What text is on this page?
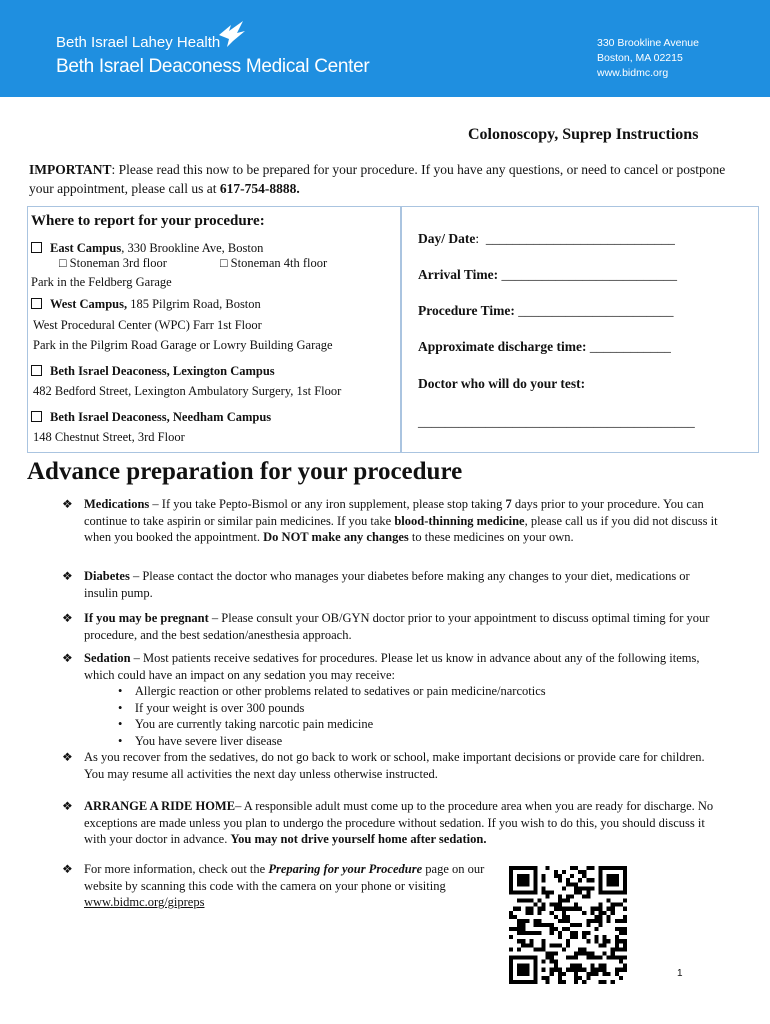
Beth Israel Lahey Health
Beth Israel Deaconess Medical Center
330 Brookline Avenue
Boston, MA 02215
www.bidmc.org
Colonoscopy, Suprep Instructions
IMPORTANT: Please read this now to be prepared for your procedure. If you have any questions, or need to cancel or postpone your appointment, please call us at 617-754-8888.
Where to report for your procedure:
East Campus, 330 Brookline Ave, Boston
□ Stoneman 3rd floor	□ Stoneman 4th floor
Park in the Feldberg Garage
West Campus, 185 Pilgrim Road, Boston
West Procedural Center (WPC) Farr 1st Floor
Park in the Pilgrim Road Garage or Lowry Building Garage
Beth Israel Deaconess, Lexington Campus
482 Bedford Street, Lexington Ambulatory Surgery, 1st Floor
Beth Israel Deaconess, Needham Campus
148 Chestnut Street, 3rd Floor
Day/ Date: ____________________________
Arrival Time: __________________________
Procedure Time: _______________________
Approximate discharge time: ____________
Doctor who will do your test:
_________________________________________
Advance preparation for your procedure
❖ Medications – If you take Pepto-Bismol or any iron supplement, please stop taking 7 days prior to your procedure. You can continue to take aspirin or similar pain medicines. If you take blood-thinning medicine, please call us if you did not discuss it when you booked the appointment. Do NOT make any changes to these medicines on your own.
❖ Diabetes – Please contact the doctor who manages your diabetes before making any changes to your diet, medications or insulin pump.
❖ If you may be pregnant – Please consult your OB/GYN doctor prior to your appointment to discuss optimal timing for your procedure, and the best sedation/anesthesia approach.
❖ Sedation – Most patients receive sedatives for procedures. Please let us know in advance about any of the following items, which could have an impact on any sedation you may receive:
•    Allergic reaction or other problems related to sedatives or pain medicine/narcotics
•    If your weight is over 300 pounds
•    You are currently taking narcotic pain medicine
•    You have severe liver disease
❖ As you recover from the sedatives, do not go back to work or school, make important decisions or provide care for children. You may resume all activities the next day unless otherwise instructed.
❖ ARRANGE A RIDE HOME– A responsible adult must come up to the procedure area when you are ready for discharge. No exceptions are made unless you plan to undergo the procedure without sedation. If you wish to do this, you should discuss it with your doctor in advance. You may not drive yourself home after sedation.
❖ For more information, check out the Preparing for your Procedure page on our website by scanning this code with the camera on your phone or visiting www.bidmc.org/gipreps
1
